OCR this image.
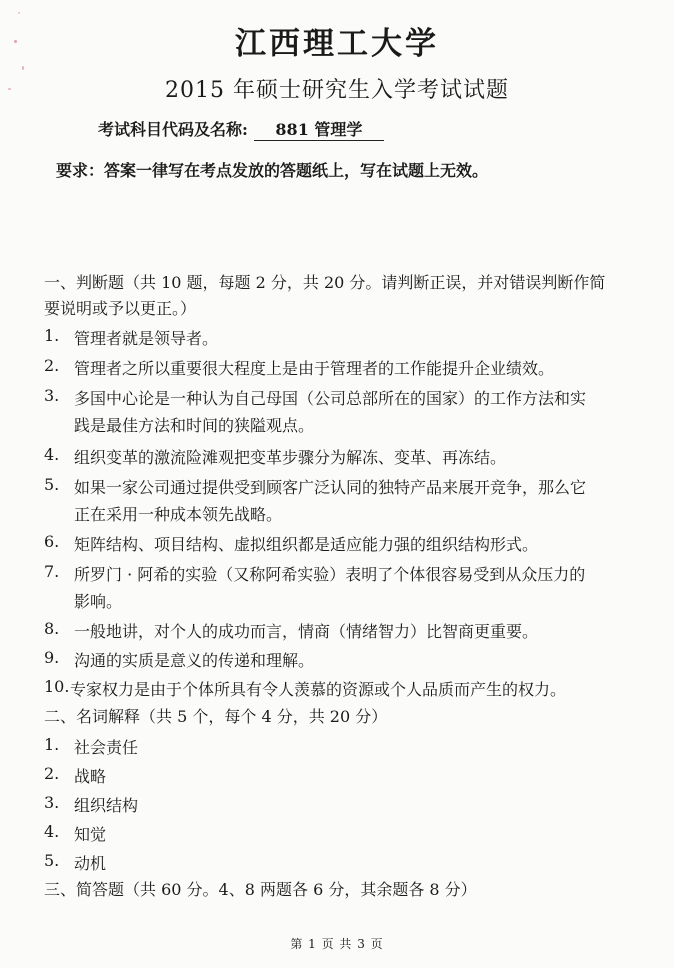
江西理工大学
2015 年硕士研究生入学考试试题
考试科目代码及名称: 881 管理学
要求：答案一律写在考点发放的答题纸上，写在试题上无效。
一、判断题（共 10 题，每题 2 分，共 20 分。请判断正误，并对错误判断作简
要说明或予以更正。）
1. 管理者就是领导者。
2. 管理者之所以重要很大程度上是由于管理者的工作能提升企业绩效。
3. 多国中心论是一种认为自己母国（公司总部所在的国家）的工作方法和实
践是最佳方法和时间的狭隘观点。
4. 组织变革的激流险滩观把变革步骤分为解冻、变革、再冻结。
5. 如果一家公司通过提供受到顾客广泛认同的独特产品来展开竞争，那么它
正在采用一种成本领先战略。
6. 矩阵结构、项目结构、虚拟组织都是适应能力强的组织结构形式。
7. 所罗门 · 阿希的实验（又称阿希实验）表明了个体很容易受到从众压力的
影响。
8. 一般地讲，对个人的成功而言，情商（情绪智力）比智商更重要。
9. 沟通的实质是意义的传递和理解。
10. 专家权力是由于个体所具有令人羡慕的资源或个人品质而产生的权力。
二、名词解释（共 5 个，每个 4 分，共 20 分）
1. 社会责任
2. 战略
3. 组织结构
4. 知觉
5. 动机
三、简答题（共 60 分。4、8 两题各 6 分，其余题各 8 分）
第 1 页 共 3 页
